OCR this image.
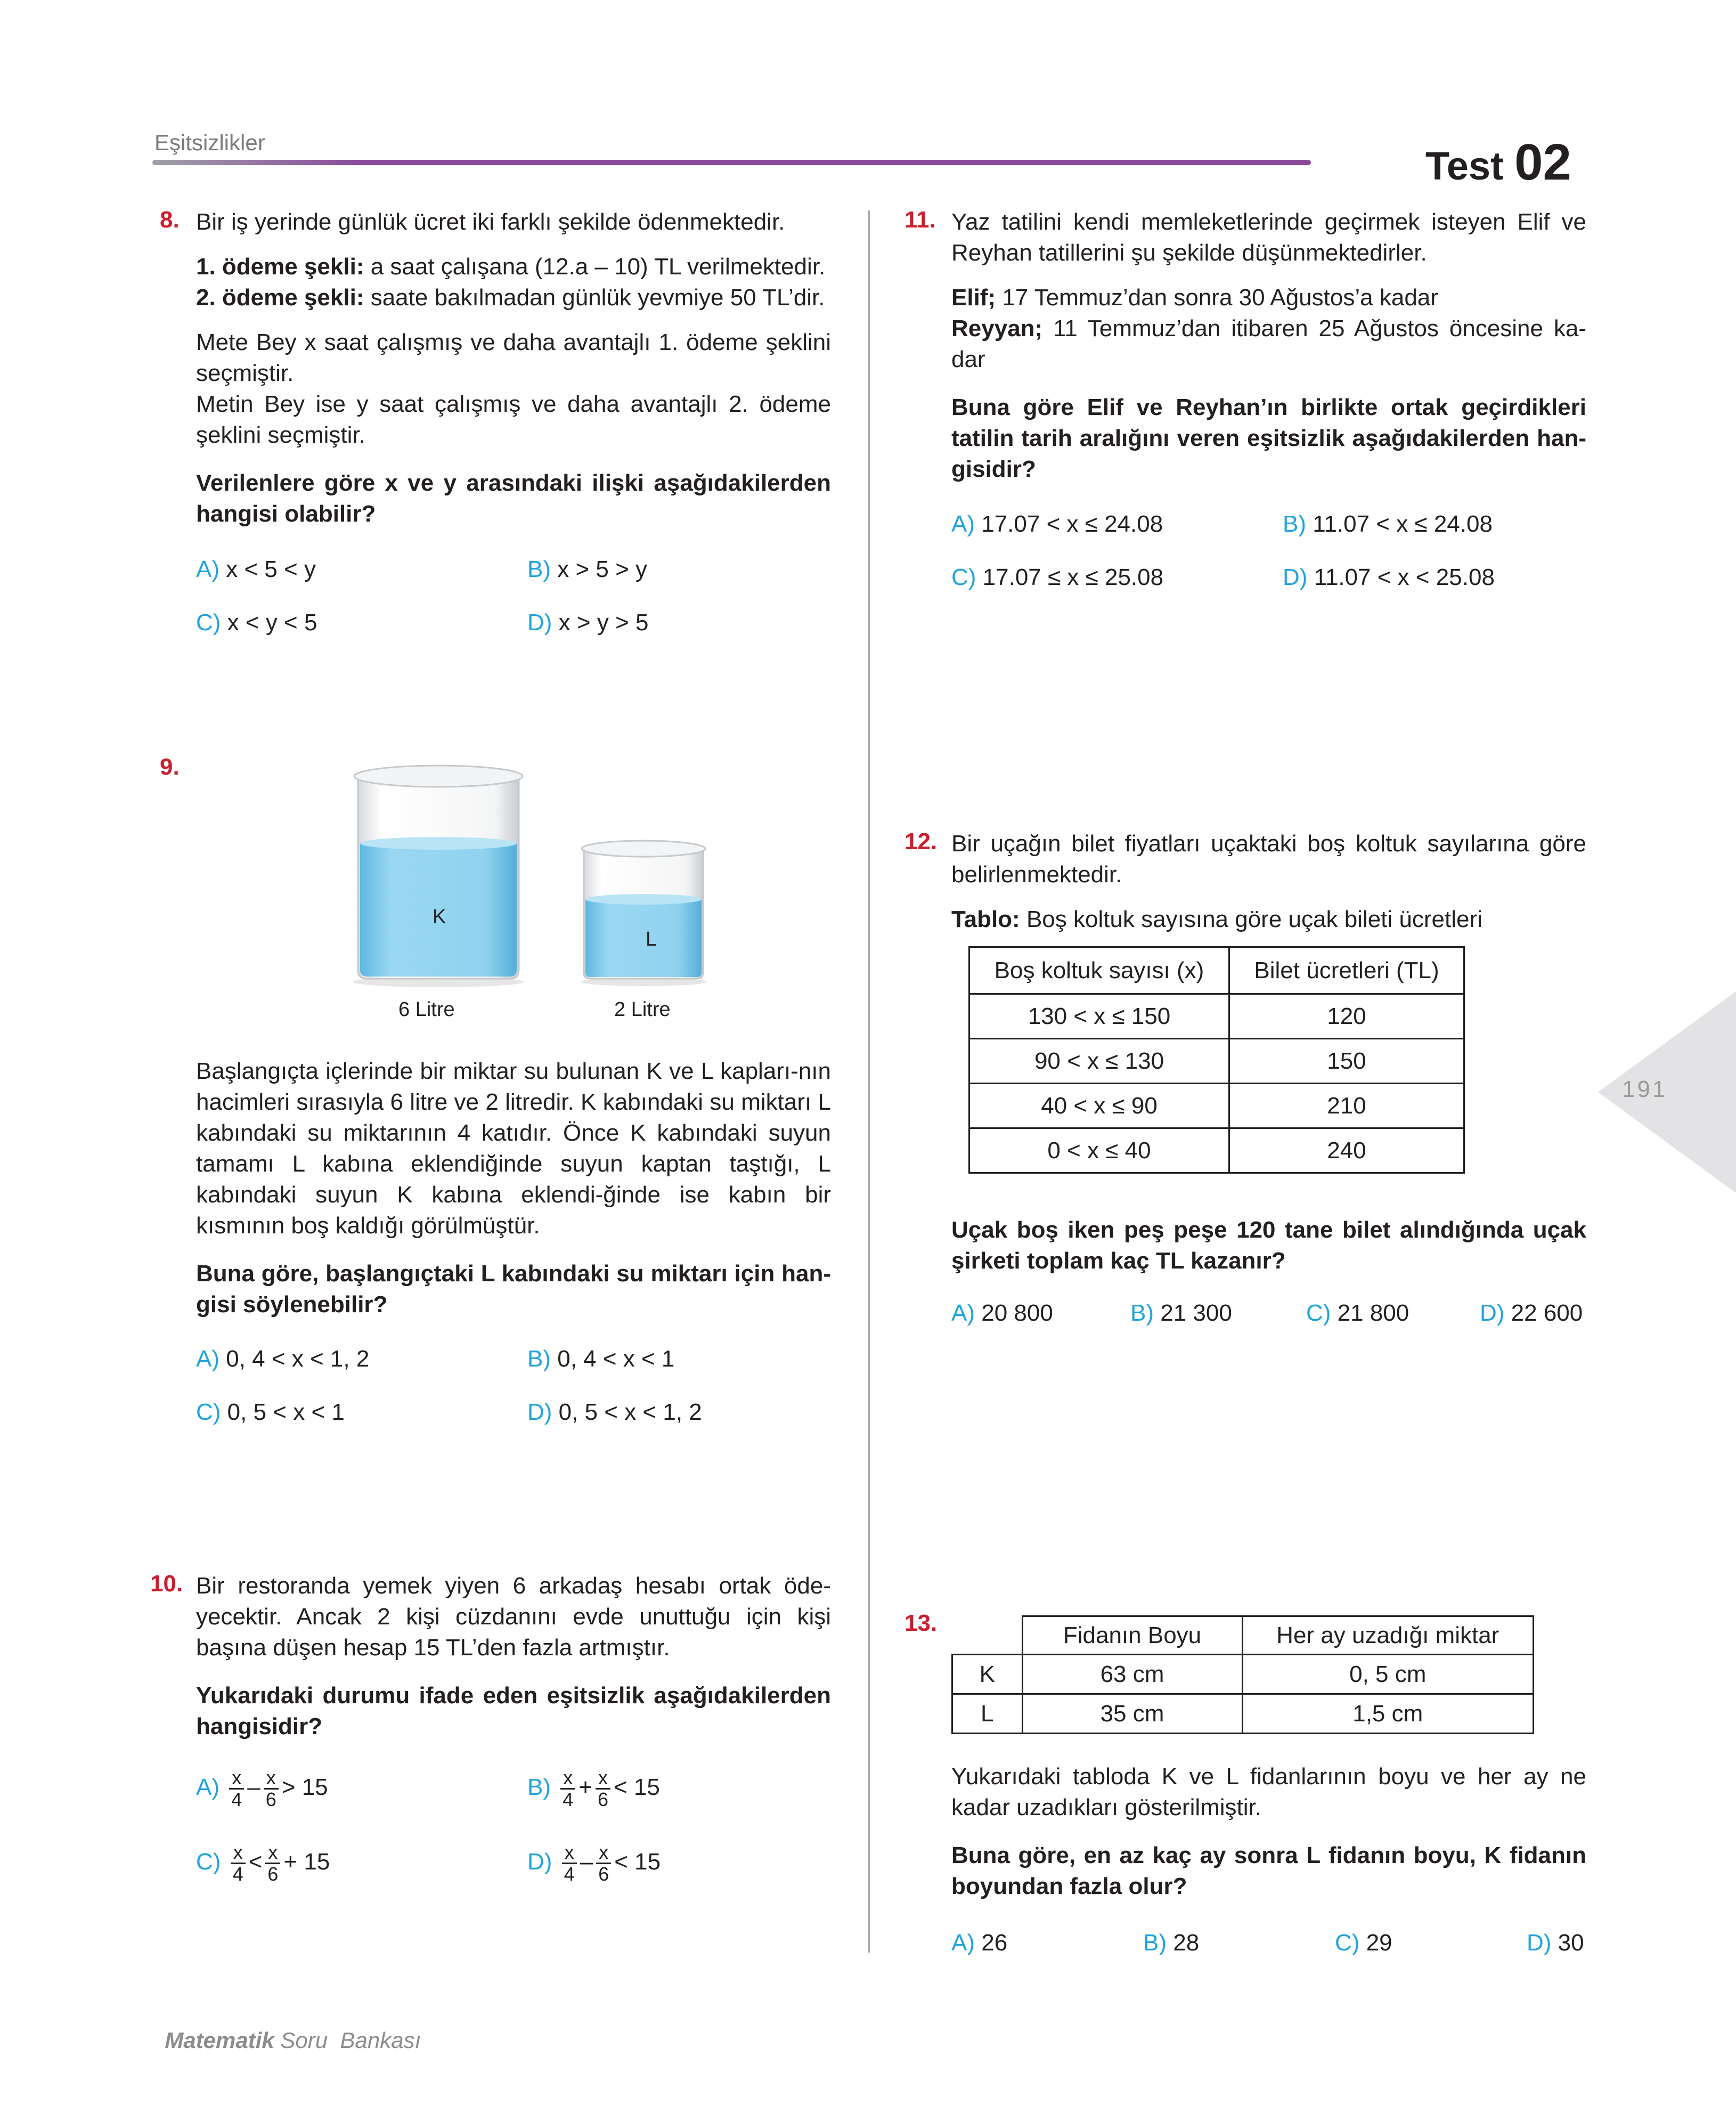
Eşitsizlikler
Test 02
191
8. Bir iş yerinde günlük ücret iki farklı şekilde ödenmektedir.
1. ödeme şekli: a saat çalışana (12.a – 10) TL verilmektedir.
2. ödeme şekli: saate bakılmadan günlük yevmiye 50 TL’dir.
Mete Bey x saat çalışmış ve daha avantajlı 1. ödeme şeklini seçmiştir.
Metin Bey ise y saat çalışmış ve daha avantajlı 2. ödeme şeklini seçmiştir.
Verilenlere göre x ve y arasındaki ilişki aşağıdakilerden hangisi olabilir?
A) x < 5 < y	B) x > 5 > y
C) x < y < 5	D) x > y > 5
9.
K
L
6 Litre	2 Litre
Başlangıçta içlerinde bir miktar su bulunan K ve L kapları-nın hacimleri sırasıyla 6 litre ve 2 litredir. K kabındaki su miktarı L kabındaki su miktarının 4 katıdır. Önce K kabındaki suyun tamamı L kabına eklendiğinde suyun kaptan taştığı, L kabındaki suyun K kabına eklendi-ğinde ise kabın bir kısmının boş kaldığı görülmüştür.
Buna göre, başlangıçtaki L kabındaki su miktarı için han-gisi söylenebilir?
A) 0, 4 < x < 1, 2	B) 0, 4 < x < 1
C) 0, 5 < x < 1	D) 0, 5 < x < 1, 2
10. Bir restoranda yemek yiyen 6 arkadaş hesabı ortak öde-yecektir. Ancak 2 kişi cüzdanını evde unuttuğu için kişi başına düşen hesap 15 TL’den fazla artmıştır.
Yukarıdaki durumu ifade eden eşitsizlik aşağıdakilerden hangisidir?
$A) \frac{x}{4} - \frac{x}{6} > 15$	$B) \frac{x}{4} + \frac{x}{6} < 15$
$C) \frac{x}{4} < \frac{x}{6} + 15$	$D) \frac{x}{4} - \frac{x}{6} < 15$
11. Yaz tatilini kendi memleketlerinde geçirmek isteyen Elif ve Reyhan tatillerini şu şekilde düşünmektedirler.
Elif; 17 Temmuz’dan sonra 30 Ağustos’a kadar
Reyyan; 11 Temmuz’dan itibaren 25 Ağustos öncesine ka-dar
Buna göre Elif ve Reyhan’ın birlikte ortak geçirdikleri tatilin tarih aralığını veren eşitsizlik aşağıdakilerden han-gisidir?
A) 17.07 < x ≤ 24.08	B) 11.07 < x ≤ 24.08
C) 17.07 ≤ x ≤ 25.08	D) 11.07 < x < 25.08
12. Bir uçağın bilet fiyatları uçaktaki boş koltuk sayılarına göre belirlenmektedir.
Tablo: Boş koltuk sayısına göre uçak bileti ücretleri
Boş koltuk sayısı (x)	Bilet ücretleri (TL)
130 < x ≤ 150	120
90 < x ≤ 130	150
40 < x ≤ 90	210
0 < x ≤ 40	240
Uçak boş iken peş peşe 120 tane bilet alındığında uçak şirketi toplam kaç TL kazanır?
A) 20 800	B) 21 300	C) 21 800	D) 22 600
13.
		Fidanın Boyu	Her ay uzadığı miktar
K	63 cm	0, 5 cm
L	35 cm	1,5 cm
Yukarıdaki tabloda K ve L fidanlarının boyu ve her ay ne kadar uzadıkları gösterilmiştir.
Buna göre, en az kaç ay sonra L fidanın boyu, K fidanın boyundan fazla olur?
A) 26	B) 28	C) 29	D) 30

Matematik Soru  Bankası
